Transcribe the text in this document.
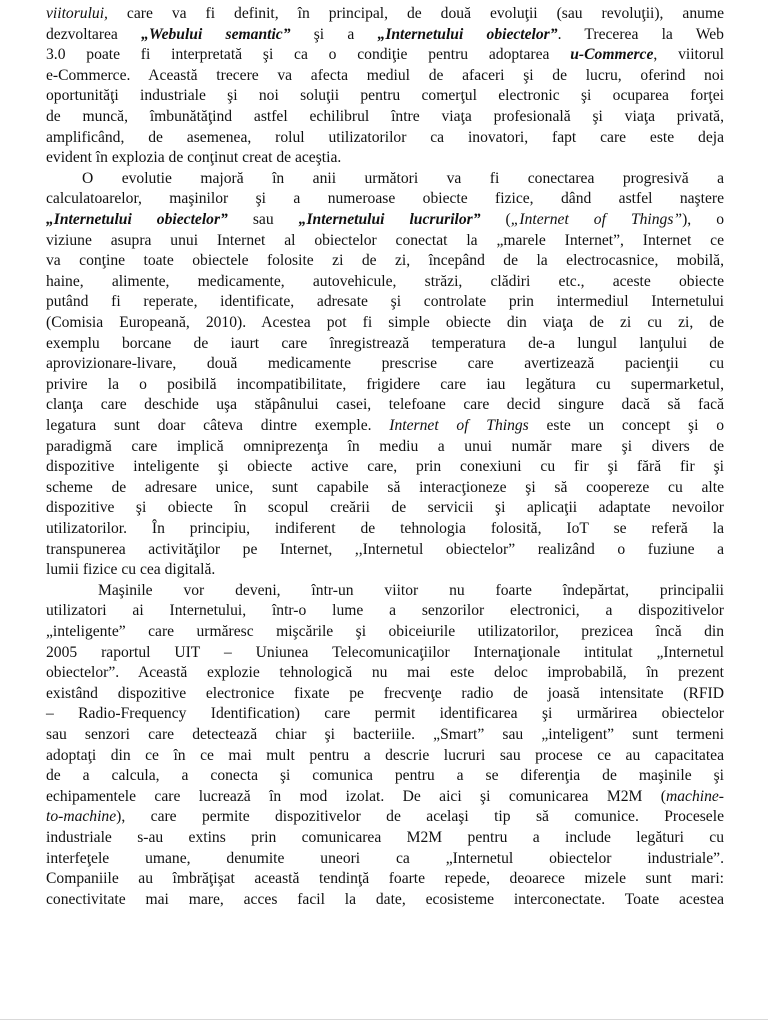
viitorului, care va fi definit, în principal, de două evoluţii (sau revoluţii), anume
dezvoltarea „Webului semantic” şi a „Internetului obiectelor”. Trecerea la Web
3.0 poate fi interpretată şi ca o condiţie pentru adoptarea u-Commerce, viitorul
e-Commerce. Această trecere va afecta mediul de afaceri şi de lucru, oferind noi
oportunităţi industriale şi noi soluţii pentru comerţul electronic şi ocuparea forţei
de muncă, îmbunătăţind astfel echilibrul între viaţa profesională şi viaţa privată,
amplificând, de asemenea, rolul utilizatorilor ca inovatori, fapt care este deja
evident în explozia de conţinut creat de aceştia.
O evolutie majoră în anii următori va fi conectarea progresivă a
calculatoarelor, maşinilor şi a numeroase obiecte fizice, dând astfel naştere
„Internetului obiectelor” sau „Internetului lucrurilor” („Internet of Things”), o
viziune asupra unui Internet al obiectelor conectat la „marele Internet”, Internet ce
va conţine toate obiectele folosite zi de zi, începând de la electrocasnice, mobilă,
haine, alimente, medicamente, autovehicule, străzi, clădiri etc., aceste obiecte
putând fi reperate, identificate, adresate şi controlate prin intermediul Internetului
(Comisia Europeană, 2010). Acestea pot fi simple obiecte din viaţa de zi cu zi, de
exemplu borcane de iaurt care înregistrează temperatura de-a lungul lanţului de
aprovizionare-livare, două medicamente prescrise care avertizează pacienţii cu
privire la o posibilă incompatibilitate, frigidere care iau legătura cu supermarketul,
clanţa care deschide uşa stăpânului casei, telefoane care decid singure dacă să facă
legatura sunt doar câteva dintre exemple. Internet of Things este un concept şi o
paradigmă care implică omniprezenţa în mediu a unui număr mare şi divers de
dispozitive inteligente şi obiecte active care, prin conexiuni cu fir şi fără fir şi
scheme de adresare unice, sunt capabile să interacţioneze şi să coopereze cu alte
dispozitive şi obiecte în scopul creării de servicii şi aplicaţii adaptate nevoilor
utilizatorilor. În principiu, indiferent de tehnologia folosită, IoT se referă la
transpunerea activităţilor pe Internet, ,,Internetul obiectelor” realizând o fuziune a
lumii fizice cu cea digitală.
Maşinile vor deveni, într-un viitor nu foarte îndepărtat, principalii
utilizatori ai Internetului, într-o lume a senzorilor electronici, a dispozitivelor
„inteligente” care urmăresc mişcările şi obiceiurile utilizatorilor, prezicea încă din
2005 raportul UIT – Uniunea Telecomunicaţiilor Internaţionale intitulat „Internetul
obiectelor”. Această explozie tehnologică nu mai este deloc improbabilă, în prezent
existând dispozitive electronice fixate pe frecvenţe radio de joasă intensitate (RFID
– Radio-Frequency Identification) care permit identificarea şi urmărirea obiectelor
sau senzori care detectează chiar şi bacteriile. „Smart” sau „inteligent” sunt termeni
adoptaţi din ce în ce mai mult pentru a descrie lucruri sau procese ce au capacitatea
de a calcula, a conecta şi comunica pentru a se diferenţia de maşinile şi
echipamentele care lucrează în mod izolat. De aici şi comunicarea M2M (machine-
to-machine), care permite dispozitivelor de acelaşi tip să comunice. Procesele
industriale s-au extins prin comunicarea M2M pentru a include legături cu
interfeţele umane, denumite uneori ca „Internetul obiectelor industriale”.
Companiile au îmbrăţişat această tendinţă foarte repede, deoarece mizele sunt mari:
conectivitate mai mare, acces facil la date, ecosisteme interconectate. Toate acestea
